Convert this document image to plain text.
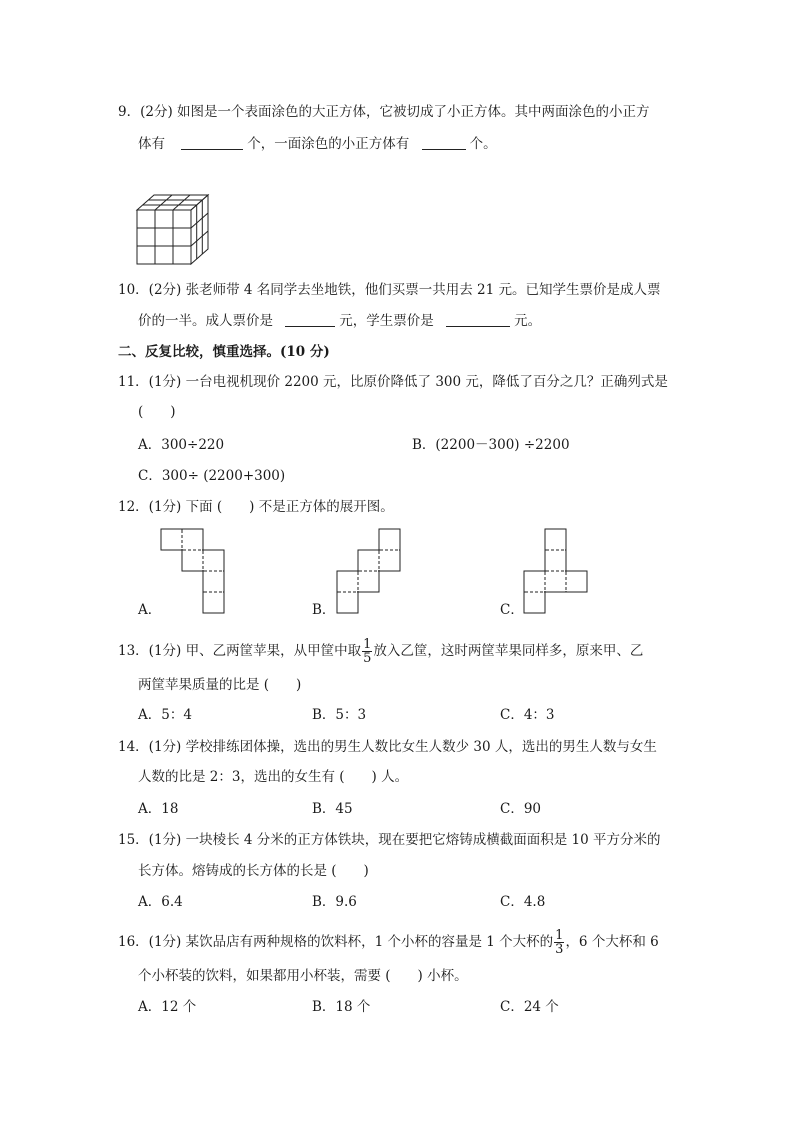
9．(2分) 如图是一个表面涂色的大正方体，它被切成了小正方体。其中两面涂色的小正方
体有	个，一面涂色的小正方体有	个。
10．(2分) 张老师带 4 名同学去坐地铁，他们买票一共用去 21 元。已知学生票价是成人票
价的一半。成人票价是	元，学生票价是	元。
二、反复比较，慎重选择。(10 分)
11．(1分) 一台电视机现价 2200 元，比原价降低了 300 元，降低了百分之几？正确列式是
(　　)
A．300÷220	B．(2200－300) ÷2200
C．300÷ (2200+300)
12．(1分) 下面 (　　) 不是正方体的展开图。
A．	B．	C．
13．(1分) 甲、乙两筐苹果，从甲筐中取 $\frac{1}{5}$ 放入乙筐，这时两筐苹果同样多，原来甲、乙
两筐苹果质量的比是 (　　)
A．5：4	B．5：3	C．4：3
14．(1分) 学校排练团体操，选出的男生人数比女生人数少 30 人，选出的男生人数与女生
人数的比是 2：3，选出的女生有 (　　) 人。
A．18	B．45	C．90
15．(1分) 一块棱长 4 分米的正方体铁块，现在要把它熔铸成横截面面积是 10 平方分米的
长方体。熔铸成的长方体的长是 (　　)
A．6.4	B．9.6	C．4.8
16．(1分) 某饮品店有两种规格的饮料杯，1 个小杯的容量是 1 个大杯的 $\frac{1}{3}$ ，6 个大杯和 6
个小杯装的饮料，如果都用小杯装，需要 (　　) 小杯。
A．12 个	B．18 个	C．24 个
